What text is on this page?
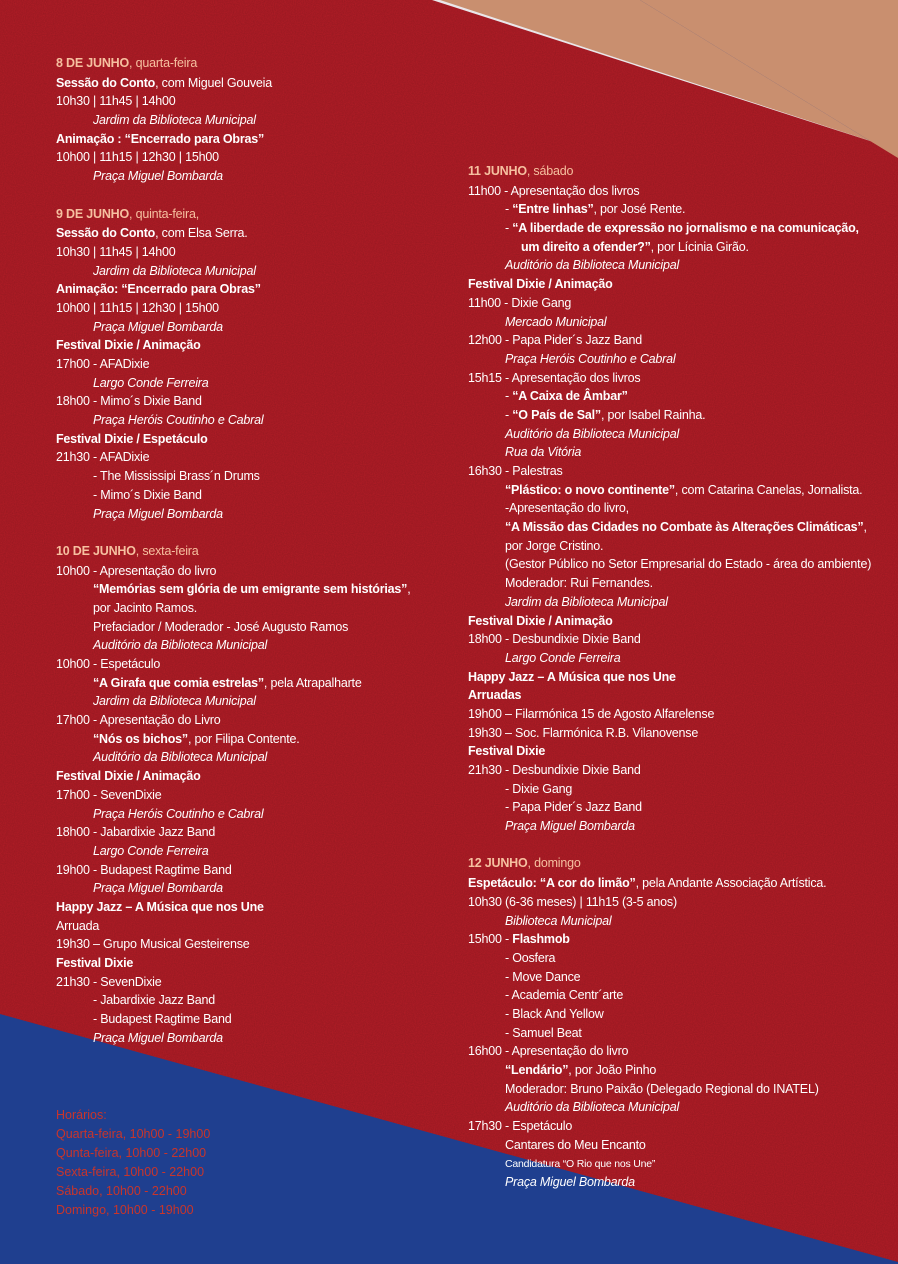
8 DE JUNHO, quarta-feira
Sessão do Conto, com Miguel Gouveia
10h30 | 11h45 | 14h00
Jardim da Biblioteca Municipal
Animação : “Encerrado para Obras”
10h00 | 11h15 | 12h30 | 15h00
Praça Miguel Bombarda
9 DE JUNHO, quinta-feira,
Sessão do Conto, com Elsa Serra.
10h30 | 11h45 | 14h00
Jardim da Biblioteca Municipal
Animação: “Encerrado para Obras”
10h00 | 11h15 | 12h30 | 15h00
Praça Miguel Bombarda
Festival Dixie / Animação
17h00 - AFADixie
Largo Conde Ferreira
18h00 - Mimo´s Dixie Band
Praça Heróis Coutinho e Cabral
Festival Dixie / Espetáculo
21h30 - AFADixie
- The Mississipi Brass´n Drums
- Mimo´s Dixie Band
Praça Miguel Bombarda
10 DE JUNHO, sexta-feira
10h00 - Apresentação do livro
“Memórias sem glória de um emigrante sem histórias”,
por Jacinto Ramos.
Prefaciador / Moderador - José Augusto Ramos
Auditório da Biblioteca Municipal
10h00 - Espetáculo
“A Girafa que comia estrelas”, pela Atrapalharte
Jardim da Biblioteca Municipal
17h00 - Apresentação do Livro
“Nós os bichos”, por Filipa Contente.
Auditório da Biblioteca Municipal
Festival Dixie / Animação
17h00 - SevenDixie
Praça Heróis Coutinho e Cabral
18h00 - Jabardixie Jazz Band
Largo Conde Ferreira
19h00 - Budapest Ragtime Band
Praça Miguel Bombarda
Happy Jazz – A Música que nos Une
Arruada
19h30 – Grupo Musical Gesteirense
Festival Dixie
21h30 - SevenDixie
- Jabardixie Jazz Band
- Budapest Ragtime Band
Praça Miguel Bombarda
11 JUNHO, sábado
11h00 - Apresentação dos livros
- “Entre linhas”, por José Rente.
- “A liberdade de expressão no jornalismo e na comunicação,
um direito a ofender?”, por Lícinia Girão.
Auditório da Biblioteca Municipal
Festival Dixie / Animação
11h00 - Dixie Gang
Mercado Municipal
12h00 - Papa Pider´s Jazz Band
Praça Heróis Coutinho e Cabral
15h15 - Apresentação dos livros
- “A Caixa de Âmbar”
- “O País de Sal”, por Isabel Rainha.
Auditório da Biblioteca Municipal
Rua da Vitória
16h30 - Palestras
“Plástico: o novo continente”, com Catarina Canelas, Jornalista.
-Apresentação do livro,
“A Missão das Cidades no Combate às Alterações Climáticas”,
por Jorge Cristino.
(Gestor Público no Setor Empresarial do Estado - área do ambiente)
Moderador: Rui Fernandes.
Jardim da Biblioteca Municipal
Festival Dixie / Animação
18h00 - Desbundixie Dixie Band
Largo Conde Ferreira
Happy Jazz – A Música que nos Une
Arruadas
19h00 – Filarmónica 15 de Agosto Alfarelense
19h30 – Soc. Flarmónica R.B. Vilanovense
Festival Dixie
21h30 - Desbundixie Dixie Band
- Dixie Gang
- Papa Pider´s Jazz Band
Praça Miguel Bombarda
12 JUNHO, domingo
Espetáculo: “A cor do limão”, pela Andante Associação Artística.
10h30 (6-36 meses) | 11h15 (3-5 anos)
Biblioteca Municipal
15h00 - Flashmob
- Oosfera
- Move Dance
- Academia Centr´arte
- Black And Yellow
- Samuel Beat
16h00 - Apresentação do livro
“Lendário”, por João Pinho
Moderador: Bruno Paixão (Delegado Regional do INATEL)
Auditório da Biblioteca Municipal
17h30 - Espetáculo
Cantares do Meu Encanto
Candidatura “O Rio que nos Une”
Praça Miguel Bombarda
Horários:
Quarta-feira, 10h00 - 19h00
Qunta-feira, 10h00 - 22h00
Sexta-feira, 10h00 - 22h00
Sábado, 10h00 - 22h00
Domingo, 10h00 - 19h00
